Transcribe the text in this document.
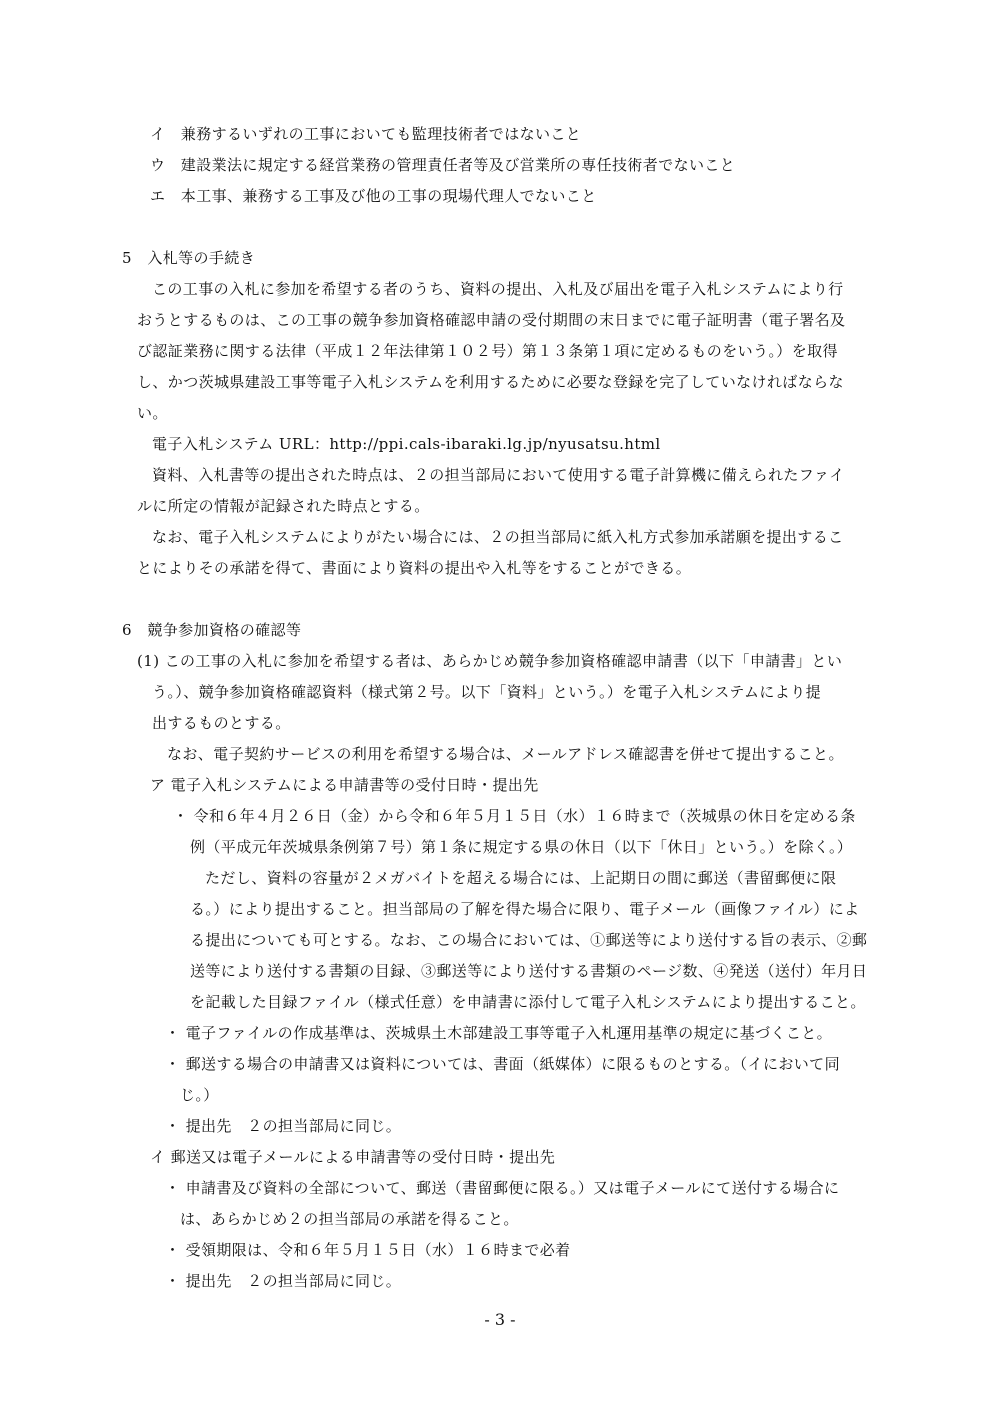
イ　兼務するいずれの工事においても監理技術者ではないこと
ウ　建設業法に規定する経営業務の管理責任者等及び営業所の専任技術者でないこと
エ　本工事、兼務する工事及び他の工事の現場代理人でないこと
5　入札等の手続き
この工事の入札に参加を希望する者のうち、資料の提出、入札及び届出を電子入札システムにより行
おうとするものは、この工事の競争参加資格確認申請の受付期間の末日までに電子証明書（電子署名及
び認証業務に関する法律（平成１２年法律第１０２号）第１３条第１項に定めるものをいう。）を取得
し、かつ茨城県建設工事等電子入札システムを利用するために必要な登録を完了していなければならな
い。
電子入札システム URL：http://ppi.cals-ibaraki.lg.jp/nyusatsu.html
資料、入札書等の提出された時点は、２の担当部局において使用する電子計算機に備えられたファイ
ルに所定の情報が記録された時点とする。
なお、電子入札システムによりがたい場合には、２の担当部局に紙入札方式参加承諾願を提出するこ
とによりその承諾を得て、書面により資料の提出や入札等をすることができる。
6　競争参加資格の確認等
(1) この工事の入札に参加を希望する者は、あらかじめ競争参加資格確認申請書（以下「申請書」とい
う。）、競争参加資格確認資料（様式第２号。以下「資料」という。）を電子入札システムにより提
出するものとする。
なお、電子契約サービスの利用を希望する場合は、メールアドレス確認書を併せて提出すること。
ア 電子入札システムによる申請書等の受付日時・提出先
・ 令和６年４月２６日（金）から令和６年５月１５日（水）１６時まで（茨城県の休日を定める条
例（平成元年茨城県条例第７号）第１条に規定する県の休日（以下「休日」という。）を除く。）
ただし、資料の容量が２メガバイトを超える場合には、上記期日の間に郵送（書留郵便に限
る。）により提出すること。担当部局の了解を得た場合に限り、電子メール（画像ファイル）によ
る提出についても可とする。なお、この場合においては、①郵送等により送付する旨の表示、②郵
送等により送付する書類の目録、③郵送等により送付する書類のページ数、④発送（送付）年月日
を記載した目録ファイル（様式任意）を申請書に添付して電子入札システムにより提出すること。
・ 電子ファイルの作成基準は、茨城県土木部建設工事等電子入札運用基準の規定に基づくこと。
・ 郵送する場合の申請書又は資料については、書面（紙媒体）に限るものとする。（イにおいて同
じ。）
・ 提出先　２の担当部局に同じ。
イ 郵送又は電子メールによる申請書等の受付日時・提出先
・ 申請書及び資料の全部について、郵送（書留郵便に限る。）又は電子メールにて送付する場合に
は、あらかじめ２の担当部局の承諾を得ること。
・ 受領期限は、令和６年５月１５日（水）１６時まで必着
・ 提出先　２の担当部局に同じ。
- 3 -
